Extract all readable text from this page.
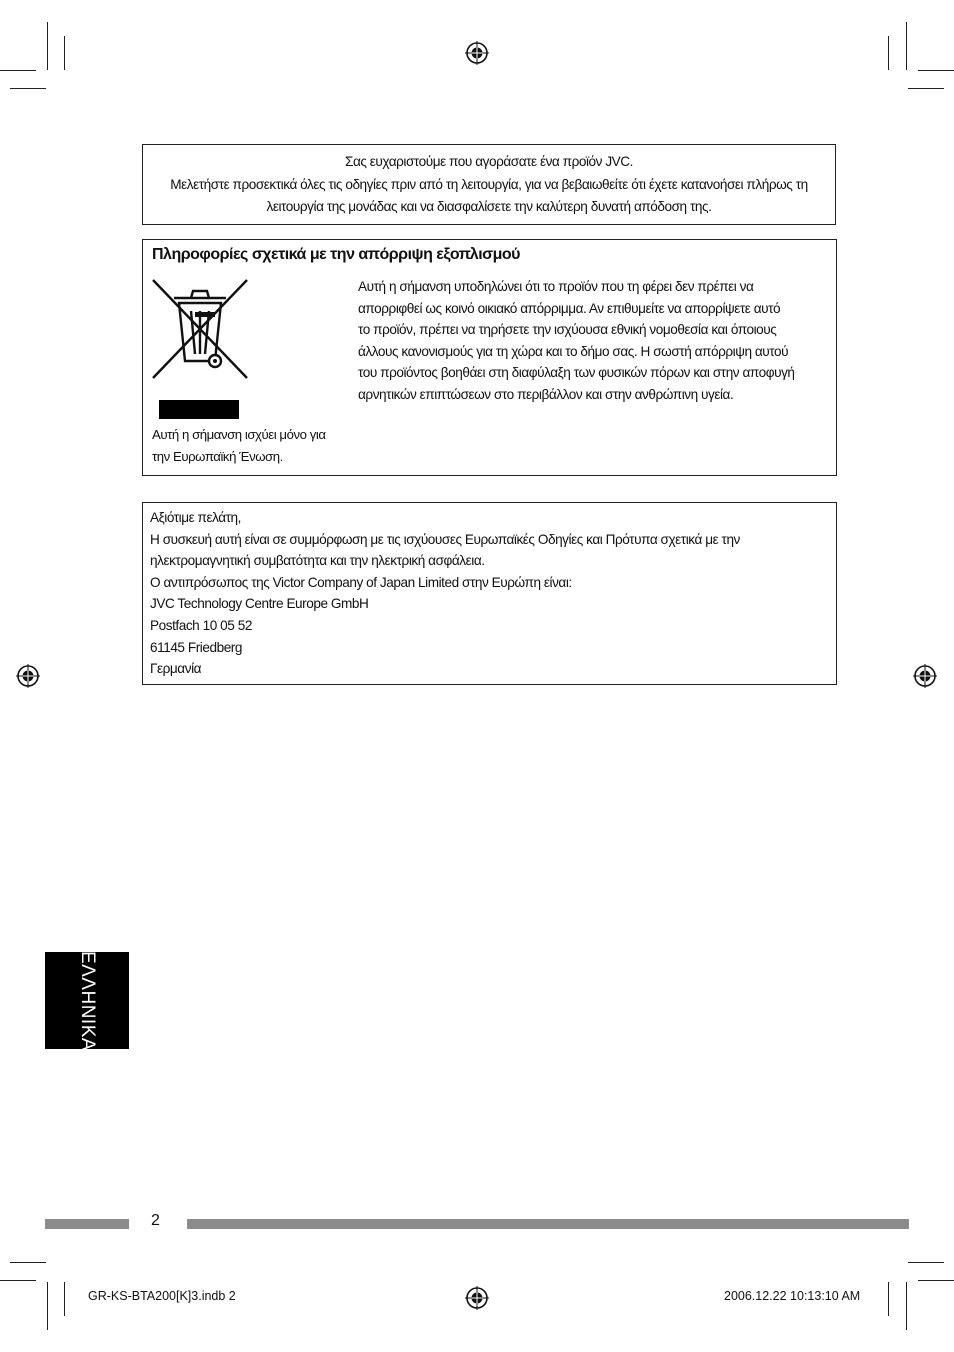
Σας ευχαριστούμε που αγοράσατε ένα προϊόν JVC.
Μελετήστε προσεκτικά όλες τις οδηγίες πριν από τη λειτουργία, για να βεβαιωθείτε ότι έχετε κατανοήσει πλήρως τη
λειτουργία της μονάδας και να διασφαλίσετε την καλύτερη δυνατή απόδοση της.
Πληροφορίες σχετικά με την απόρριψη εξοπλισμού
Αυτή η σήμανση ισχύει μόνο για
την Ευρωπαϊκή Ένωση.
Αυτή η σήμανση υποδηλώνει ότι το προϊόν που τη φέρει δεν πρέπει να
απορριφθεί ως κοινό οικιακό απόρριμμα. Αν επιθυμείτε να απορρίψετε αυτό
το προϊόν, πρέπει να τηρήσετε την ισχύουσα εθνική νομοθεσία και όποιους
άλλους κανονισμούς για τη χώρα και το δήμο σας. Η σωστή απόρριψη αυτού
του προϊόντος βοηθάει στη διαφύλαξη των φυσικών πόρων και στην αποφυγή
αρνητικών επιπτώσεων στο περιβάλλον και στην ανθρώπινη υγεία.
Αξιότιμε πελάτη,
Η συσκευή αυτή είναι σε συμμόρφωση με τις ισχύουσες Ευρωπαϊκές Οδηγίες και Πρότυπα σχετικά με την
ηλεκτρομαγνητική συμβατότητα και την ηλεκτρική ασφάλεια.
Ο αντιπρόσωπος της Victor Company of Japan Limited στην Ευρώπη είναι:
JVC Technology Centre Europe GmbH
Postfach 10 05 52
61145 Friedberg
Γερμανία
ΕΛΛΗΝΙΚΑ
2
GR-KS-BTA200[K]3.indb 2	2006.12.22 10:13:10 AM
